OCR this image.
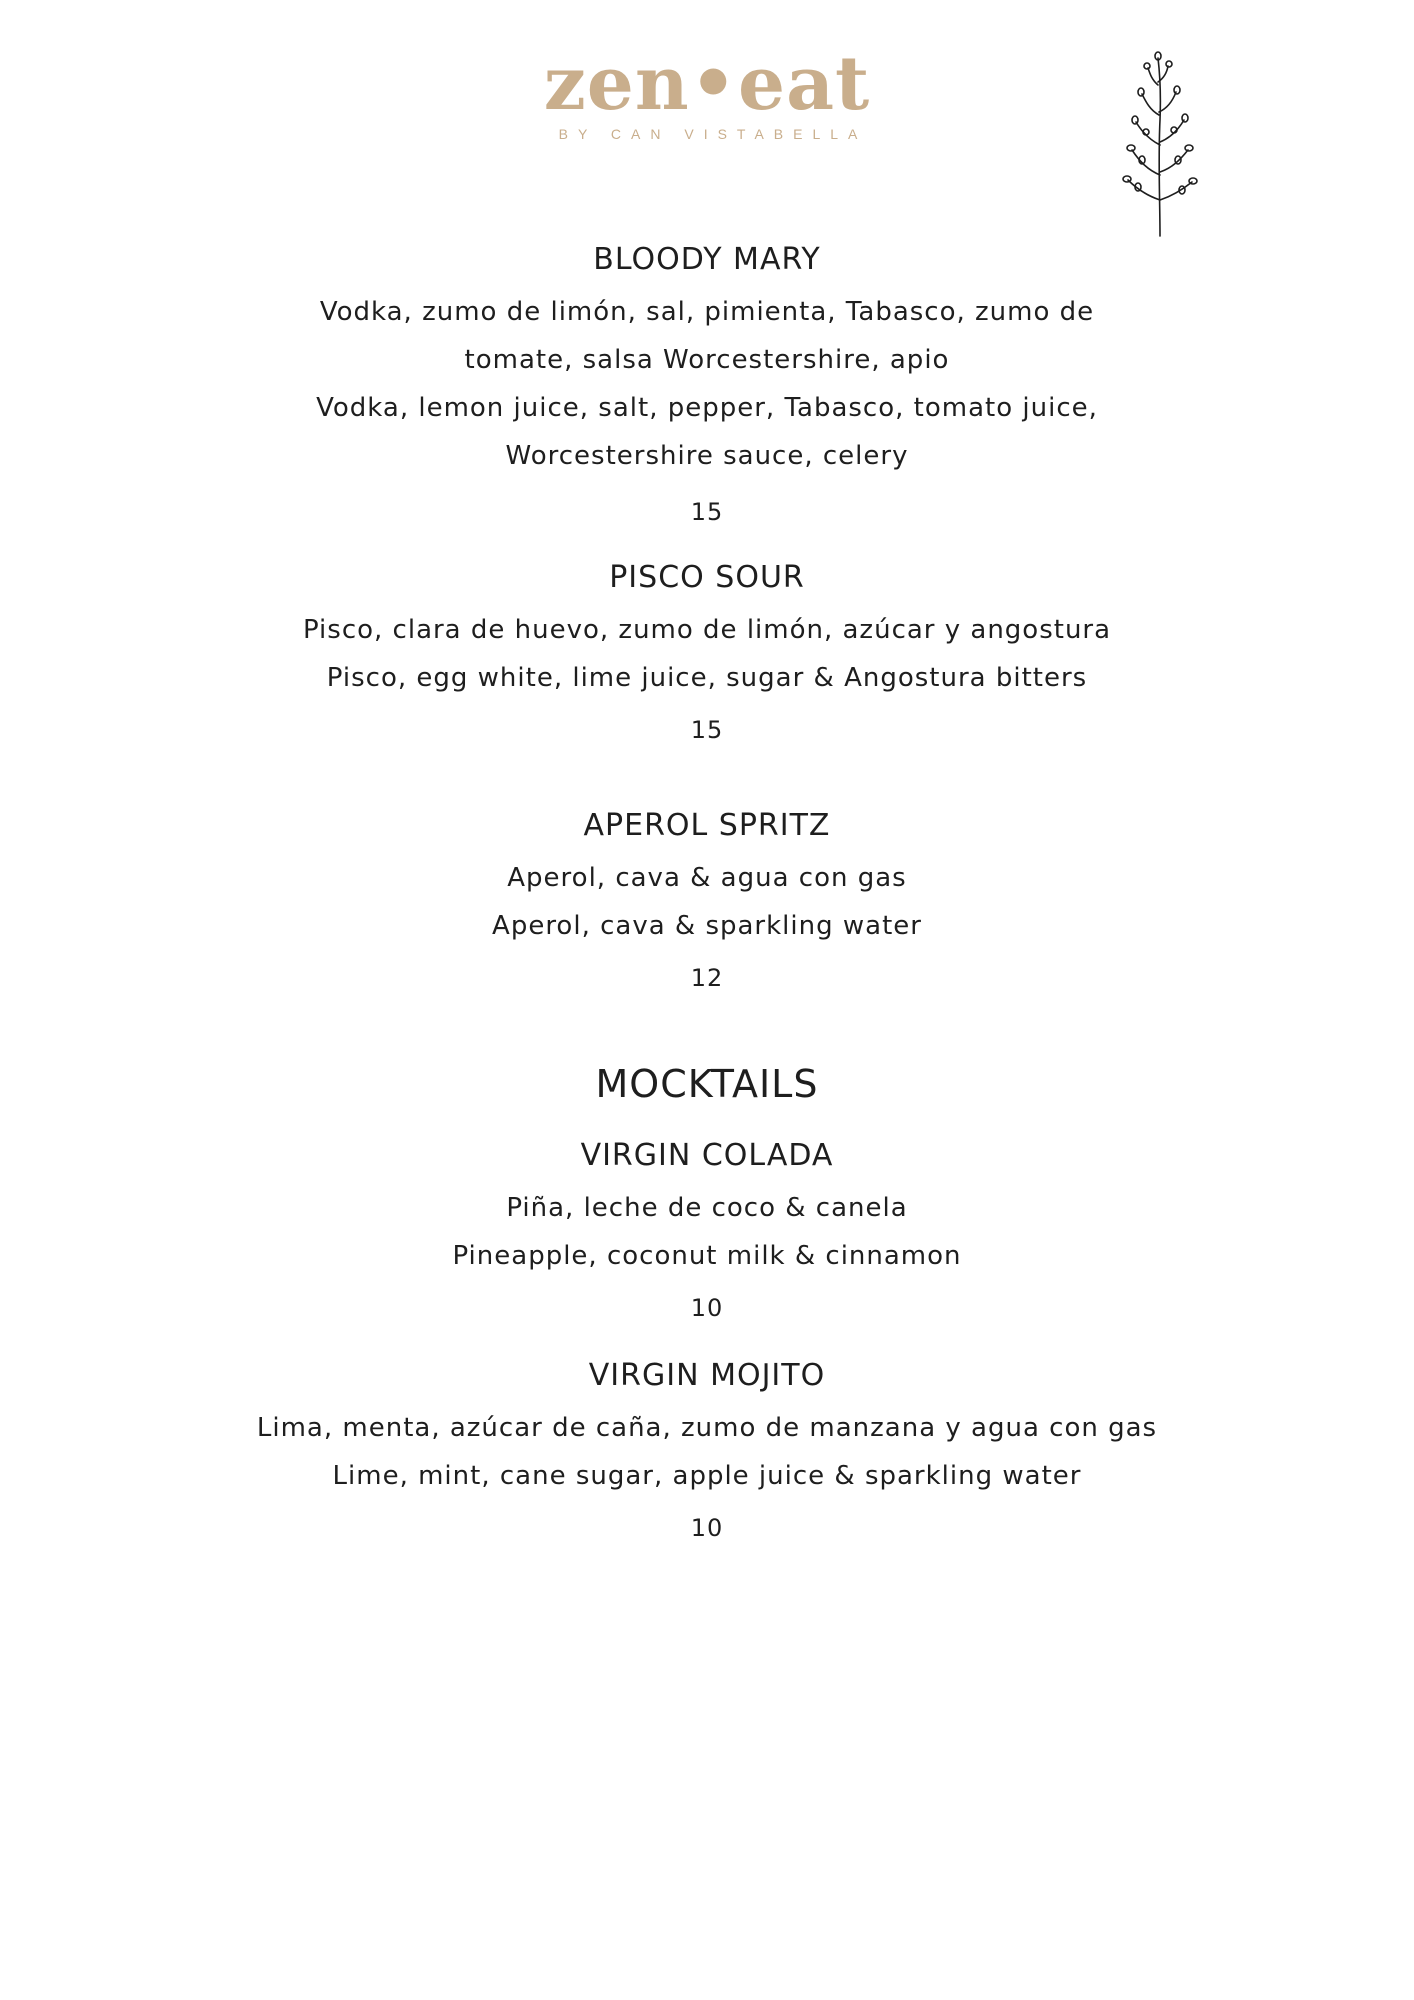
zen•eat
BY CAN VISTABELLA
BLOODY MARY

Vodka, zumo de limón, sal, pimienta, Tabasco, zumo de tomate, salsa Worcestershire, apio

Vodka, lemon juice, salt, pepper, Tabasco, tomato juice, Worcestershire sauce, celery

15

PISCO SOUR

Pisco, clara de huevo, zumo de limón, azúcar y angostura

Pisco, egg white, lime juice, sugar & Angostura bitters

15

APEROL SPRITZ

Aperol, cava & agua con gas

Aperol, cava & sparkling water

12

MOCKTAILS
VIRGIN COLADA

Piña, leche de coco & canela

Pineapple, coconut milk & cinnamon

10

VIRGIN MOJITO

Lima, menta, azúcar de caña, zumo de manzana y agua con gas

Lime, mint, cane sugar, apple juice & sparkling water

10
